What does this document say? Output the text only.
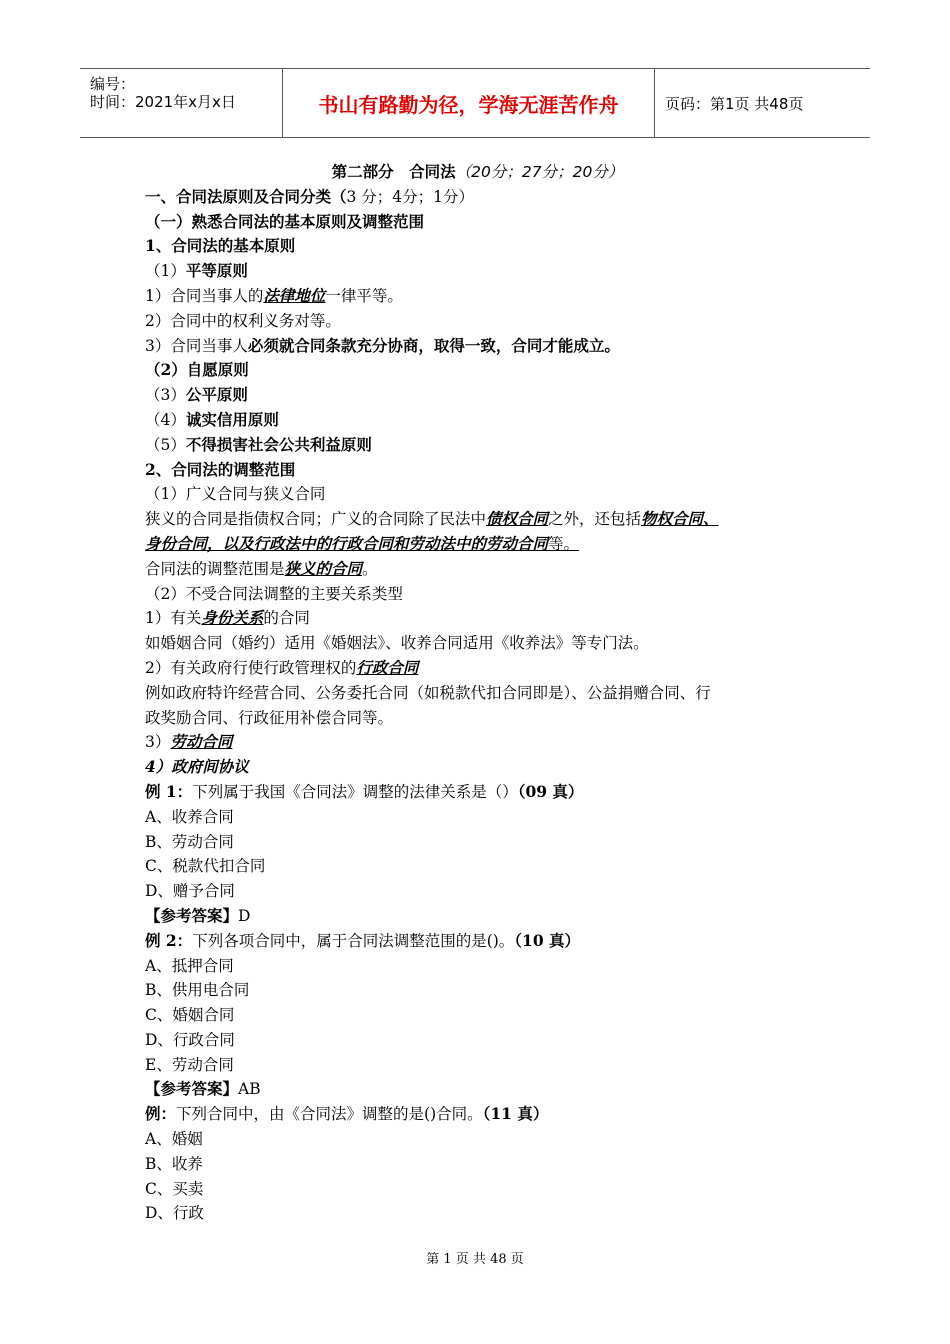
编号：
时间：2021年x月x日	书山有路勤为径，学海无涯苦作舟	页码：第1页 共48页
第二部分　合同法（20分；27分；20分）
一、合同法原则及合同分类（3 分；4分；1分）
（一）熟悉合同法的基本原则及调整范围
1、合同法的基本原则
（1）平等原则
1）合同当事人的法律地位一律平等。
2）合同中的权利义务对等。
3）合同当事人必须就合同条款充分协商，取得一致，合同才能成立。
（2）自愿原则
（3）公平原则
（4）诚实信用原则
（5）不得损害社会公共利益原则
2、合同法的调整范围
（1）广义合同与狭义合同
狭义的合同是指债权合同；广义的合同除了民法中债权合同之外，还包括物权合同、
身份合同，以及行政法中的行政合同和劳动法中的劳动合同等。
合同法的调整范围是狭义的合同。
（2）不受合同法调整的主要关系类型
1）有关身份关系的合同
如婚姻合同（婚约）适用《婚姻法》、收养合同适用《收养法》等专门法。
2）有关政府行使行政管理权的行政合同
例如政府特许经营合同、公务委托合同（如税款代扣合同即是）、公益捐赠合同、行
政奖励合同、行政征用补偿合同等。
3）劳动合同
4）政府间协议
例 1：下列属于我国《合同法》调整的法律关系是（）（09 真）
A、收养合同
B、劳动合同
C、税款代扣合同
D、赠予合同
【参考答案】D
例 2：下列各项合同中，属于合同法调整范围的是()。（10 真）
A、抵押合同
B、供用电合同
C、婚姻合同
D、行政合同
E、劳动合同
【参考答案】AB
例：下列合同中，由《合同法》调整的是()合同。（11 真）
A、婚姻
B、收养
C、买卖
D、行政
第 1 页 共 48 页
